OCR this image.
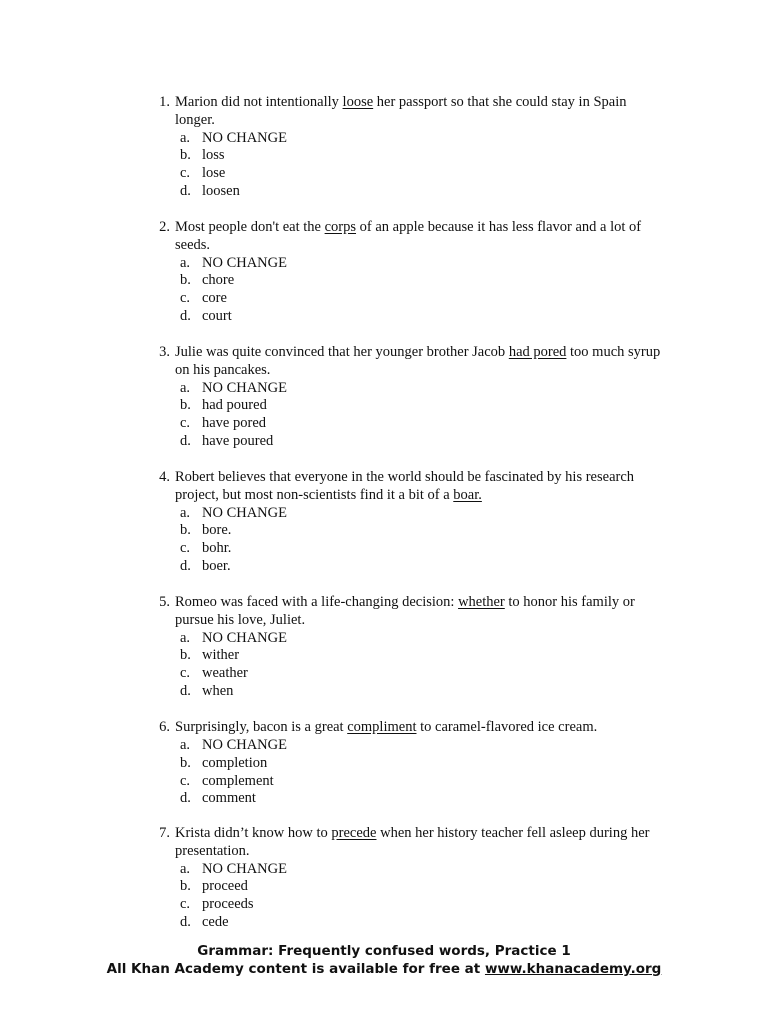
1. Marion did not intentionally loose her passport so that she could stay in Spain longer.
a. NO CHANGE
b. loss
c. lose
d. loosen
2. Most people don't eat the corps of an apple because it has less flavor and a lot of seeds.
a. NO CHANGE
b. chore
c. core
d. court
3. Julie was quite convinced that her younger brother Jacob had pored too much syrup on his pancakes.
a. NO CHANGE
b. had poured
c. have pored
d. have poured
4. Robert believes that everyone in the world should be fascinated by his research project, but most non-scientists find it a bit of a boar.
a. NO CHANGE
b. bore.
c. bohr.
d. boer.
5. Romeo was faced with a life-changing decision: whether to honor his family or pursue his love, Juliet.
a. NO CHANGE
b. wither
c. weather
d. when
6. Surprisingly, bacon is a great compliment to caramel-flavored ice cream.
a. NO CHANGE
b. completion
c. complement
d. comment
7. Krista didn’t know how to precede when her history teacher fell asleep during her presentation.
a. NO CHANGE
b. proceed
c. proceeds
d. cede
Grammar: Frequently confused words, Practice 1
All Khan Academy content is available for free at www.khanacademy.org
